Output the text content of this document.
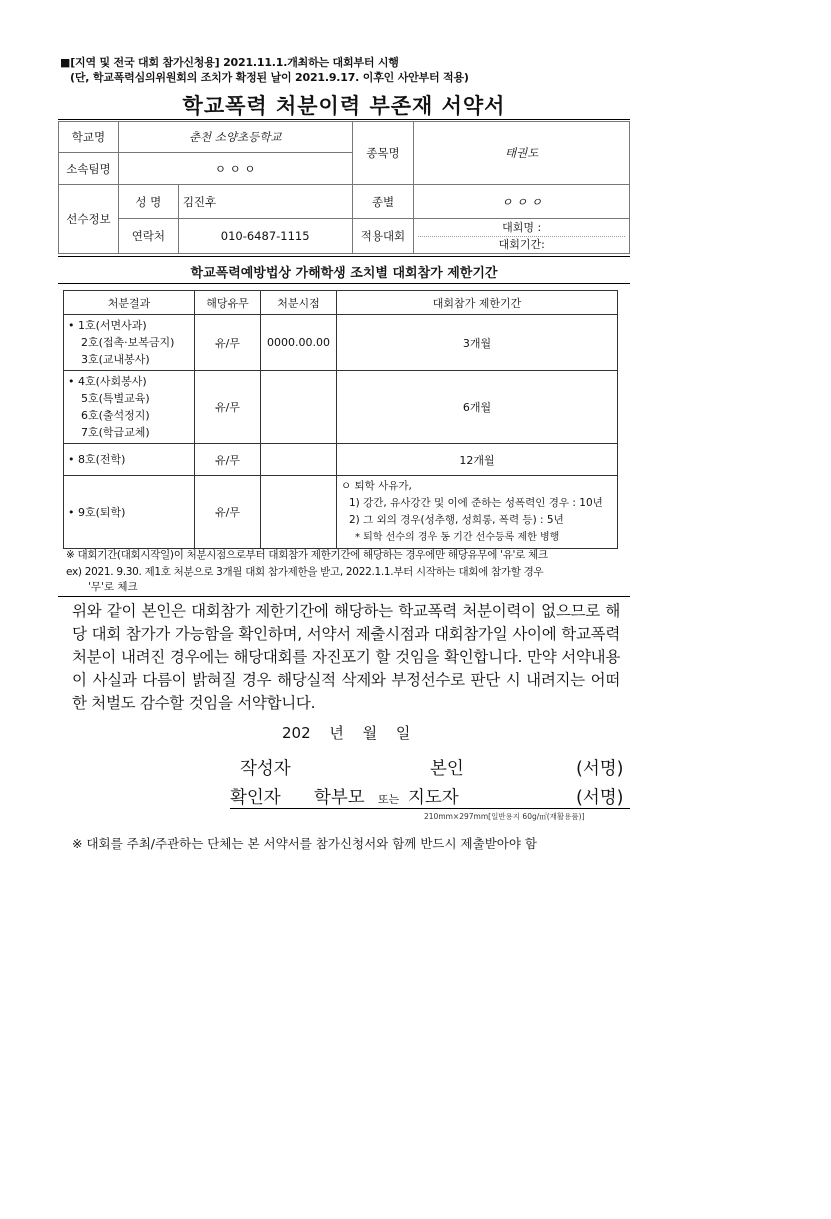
■[지역 및 전국 대회 참가신청용] 2021.11.1.개최하는 대회부터 시행
(단, 학교폭력심의위원회의 조치가 확정된 날이 2021.9.17. 이후인 사안부터 적용)
학교폭력 처분이력 부존재 서약서
학교명	춘천 소양초등학교		종목명	태권도
소속팀명	ㅇ ㅇ ㅇ			
선수정보	성 명	김진후	종별	ㅇ ㅇ ㅇ
	연락처	010-6487-1115	적용대회	대회명 :
대회기간:
학교폭력예방법상 가해학생 조치별 대회참가 제한기간
처분결과	해당유무	처분시점	대회참가 제한기간

• 1호(서면사과)
2호(접촉·보복금지)
3호(교내봉사)	유/무	0000.00.00	3개월

• 4호(사회봉사)
5호(특별교육)
6호(출석정지)
7호(학급교체)	유/무		6개월

• 8호(전학)	유/무		12개월

• 9호(퇴학)	유/무		ㅇ 퇴학 사유가,
1) 강간, 유사강간 및 이에 준하는 성폭력인 경우 : 10년
2) 그 외의 경우(성추행, 성희롱, 폭력 등) : 5년
* 퇴학 선수의 경우 동 기간 선수등록 제한 병행
※ 대회기간(대회시작일)이 처분시점으로부터 대회참가 제한기간에 해당하는 경우에만 해당유무에 '유'로 체크
ex) 2021. 9.30. 제1호 처분으로 3개월 대회 참가제한을 받고, 2022.1.1.부터 시작하는 대회에 참가할 경우
'무'로 체크
위와 같이 본인은 대회참가 제한기간에 해당하는 학교폭력 처분이력이 없으므로 해당 대회 참가가 가능함을 확인하며, 서약서 제출시점과 대회참가일 사이에 학교폭력 처분이 내려진 경우에는 해당대회를 자진포기 할 것임을 확인합니다. 만약 서약내용이 사실과 다름이 밝혀질 경우 해당실적 삭제와 부정선수로 판단 시 내려지는 어떠한 처벌도 감수할 것임을 서약합니다.
202 년 월 일
작성자	본인	(서명)
확인자 학부모 또는 지도자	(서명)
210mm×297mm[일반용지 60g/㎡(재활용품)]
※ 대회를 주최/주관하는 단체는 본 서약서를 참가신청서와 함께 반드시 제출받아야 함
